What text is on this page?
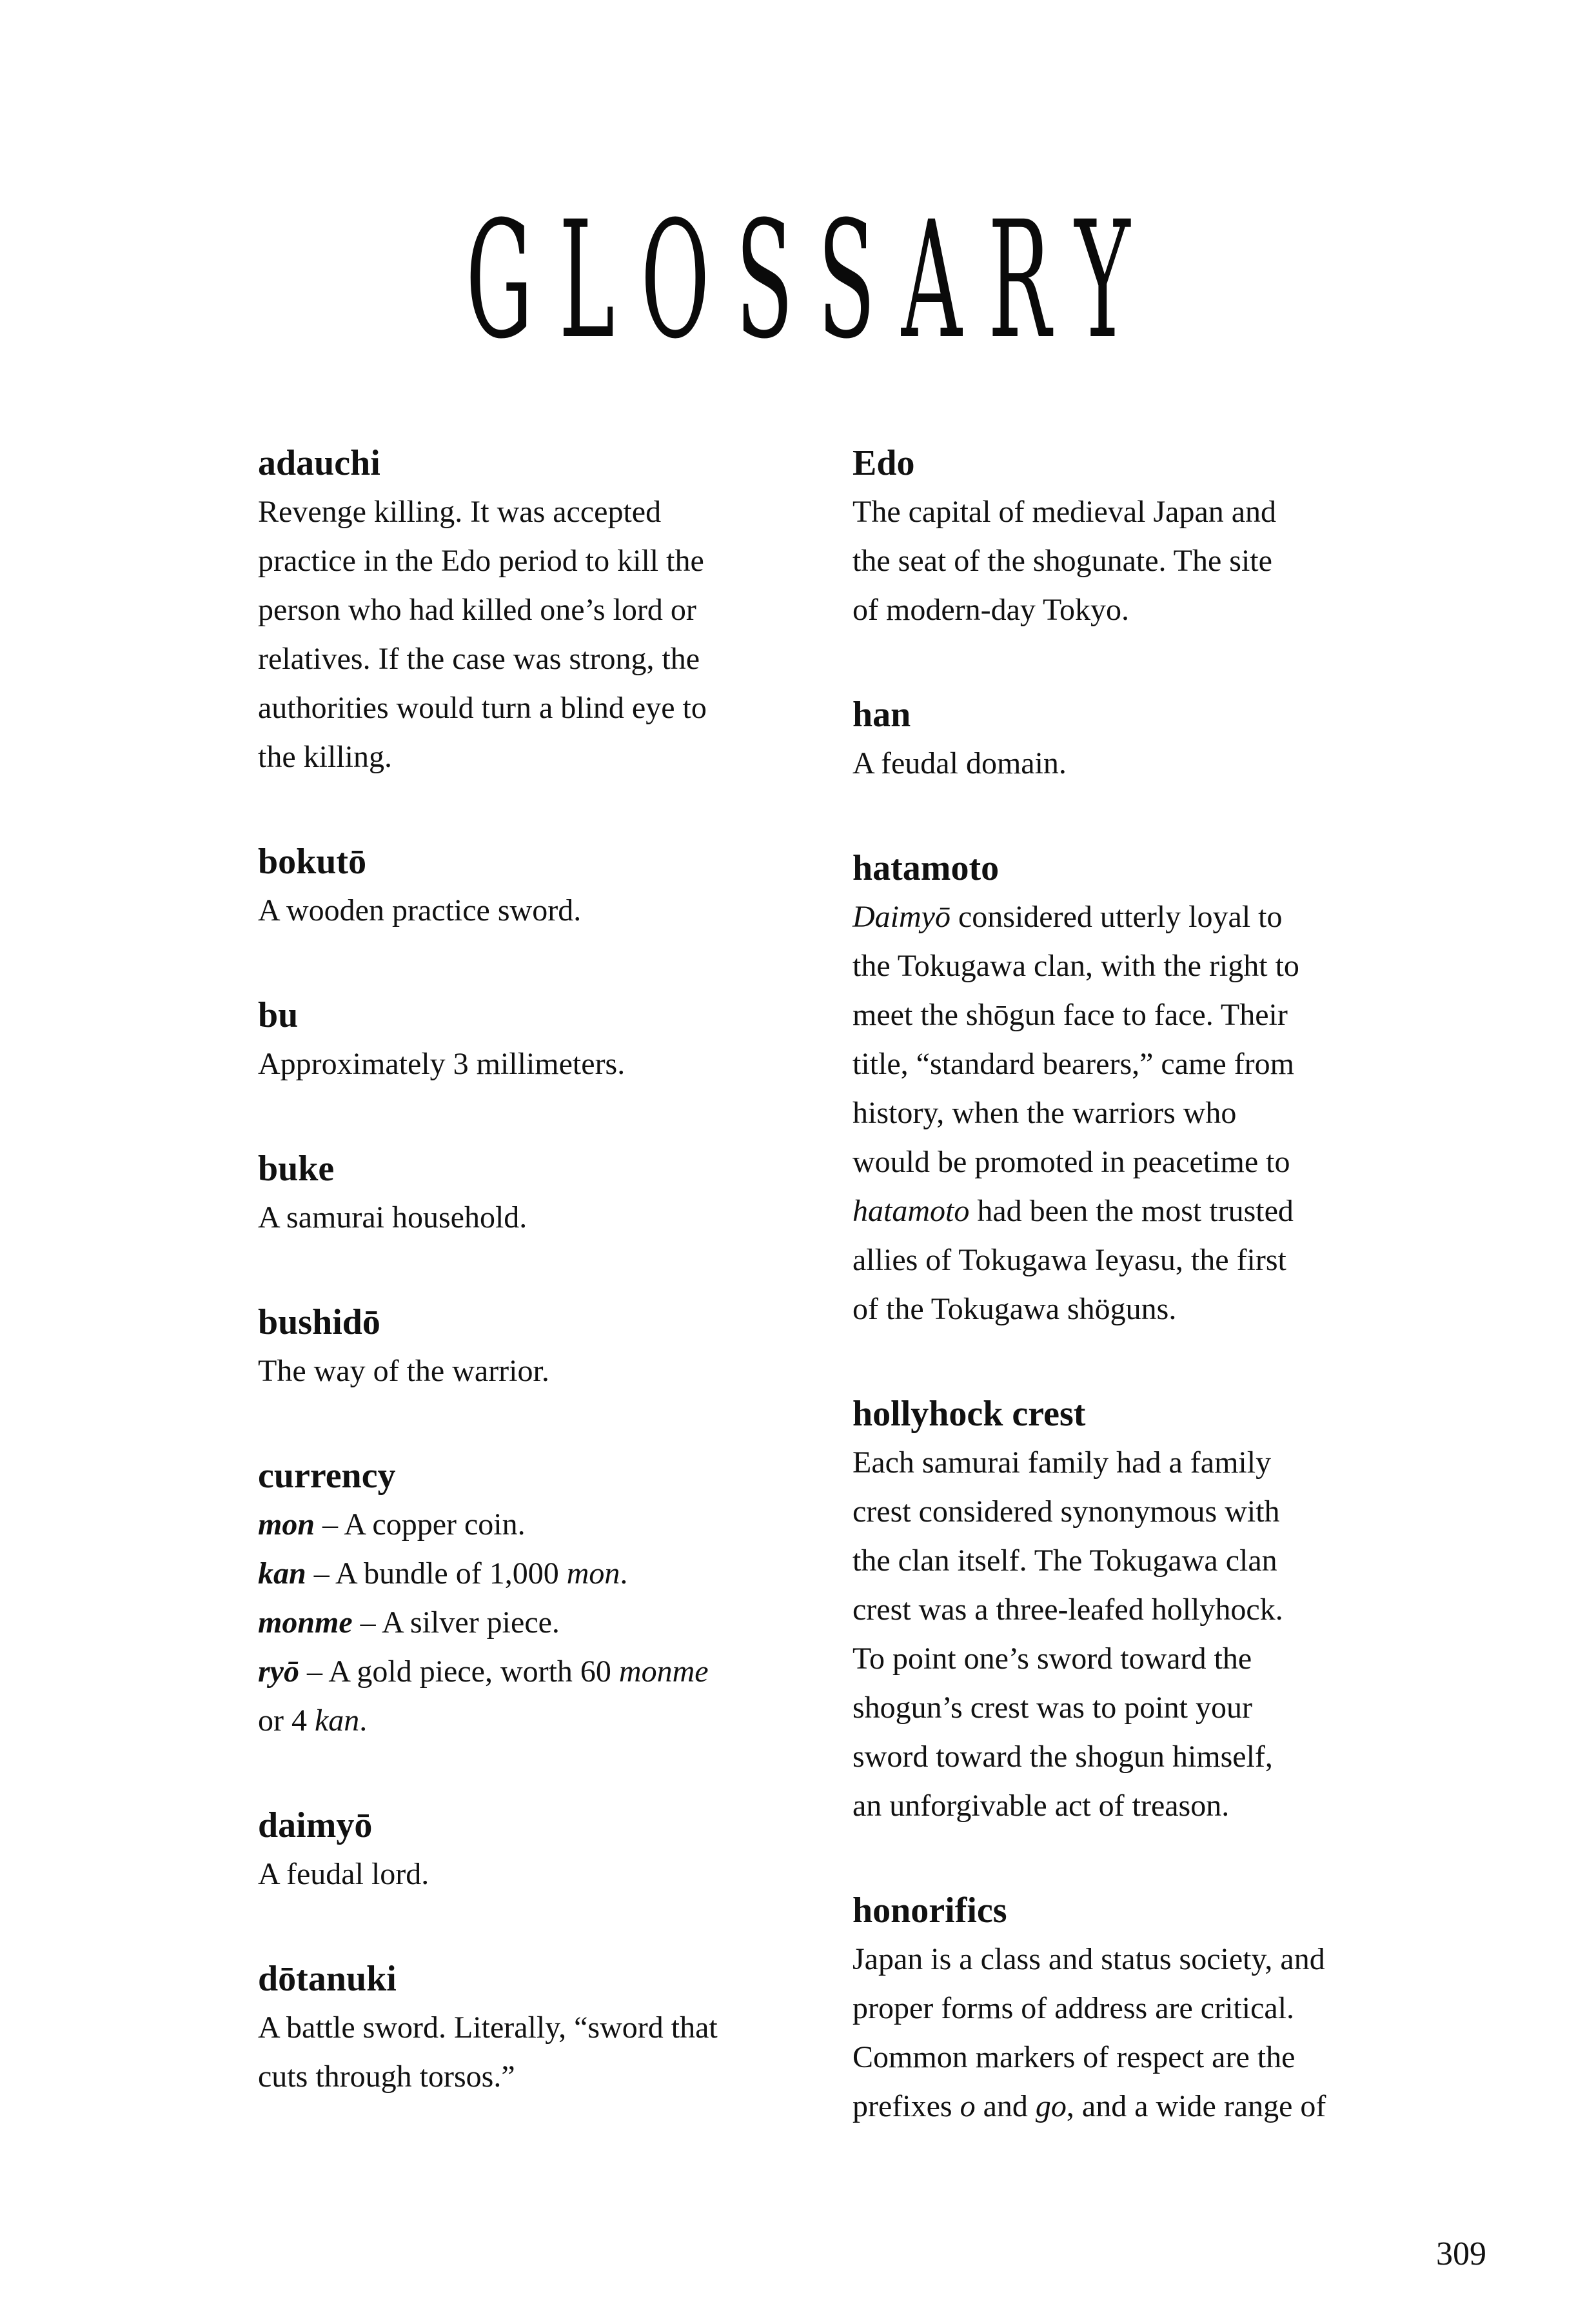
GLOSSARY

adauchi

Revenge killing. It was accepted
practice in the Edo period to kill the
person who had killed one’s lord or
relatives. If the case was strong, the
authorities would turn a blind eye to
the killing.

bokutō

A wooden practice sword.

bu

Approximately 3 millimeters.

buke

A samurai household.

bushidō

The way of the warrior.

currency

mon – A copper coin.
kan – A bundle of 1,000 mon.
monme – A silver piece.
ryō – A gold piece, worth 60 monme
or 4 kan.

daimyō

A feudal lord.

dōtanuki

A battle sword. Literally, “sword that
cuts through torsos.”

Edo

The capital of medieval Japan and
the seat of the shogunate. The site
of modern-day Tokyo.

han

A feudal domain.

hatamoto

Daimyō considered utterly loyal to
the Tokugawa clan, with the right to
meet the shōgun face to face. Their
title, “standard bearers,” came from
history, when the warriors who
would be promoted in peacetime to
hatamoto had been the most trusted
allies of Tokugawa Ieyasu, the first
of the Tokugawa shöguns.

hollyhock crest

Each samurai family had a family
crest considered synonymous with
the clan itself. The Tokugawa clan
crest was a three-leafed hollyhock.
To point one’s sword toward the
shogun’s crest was to point your
sword toward the shogun himself,
an unforgivable act of treason.

honorifics

Japan is a class and status society, and
proper forms of address are critical.
Common markers of respect are the
prefixes o and go, and a wide range of
309
